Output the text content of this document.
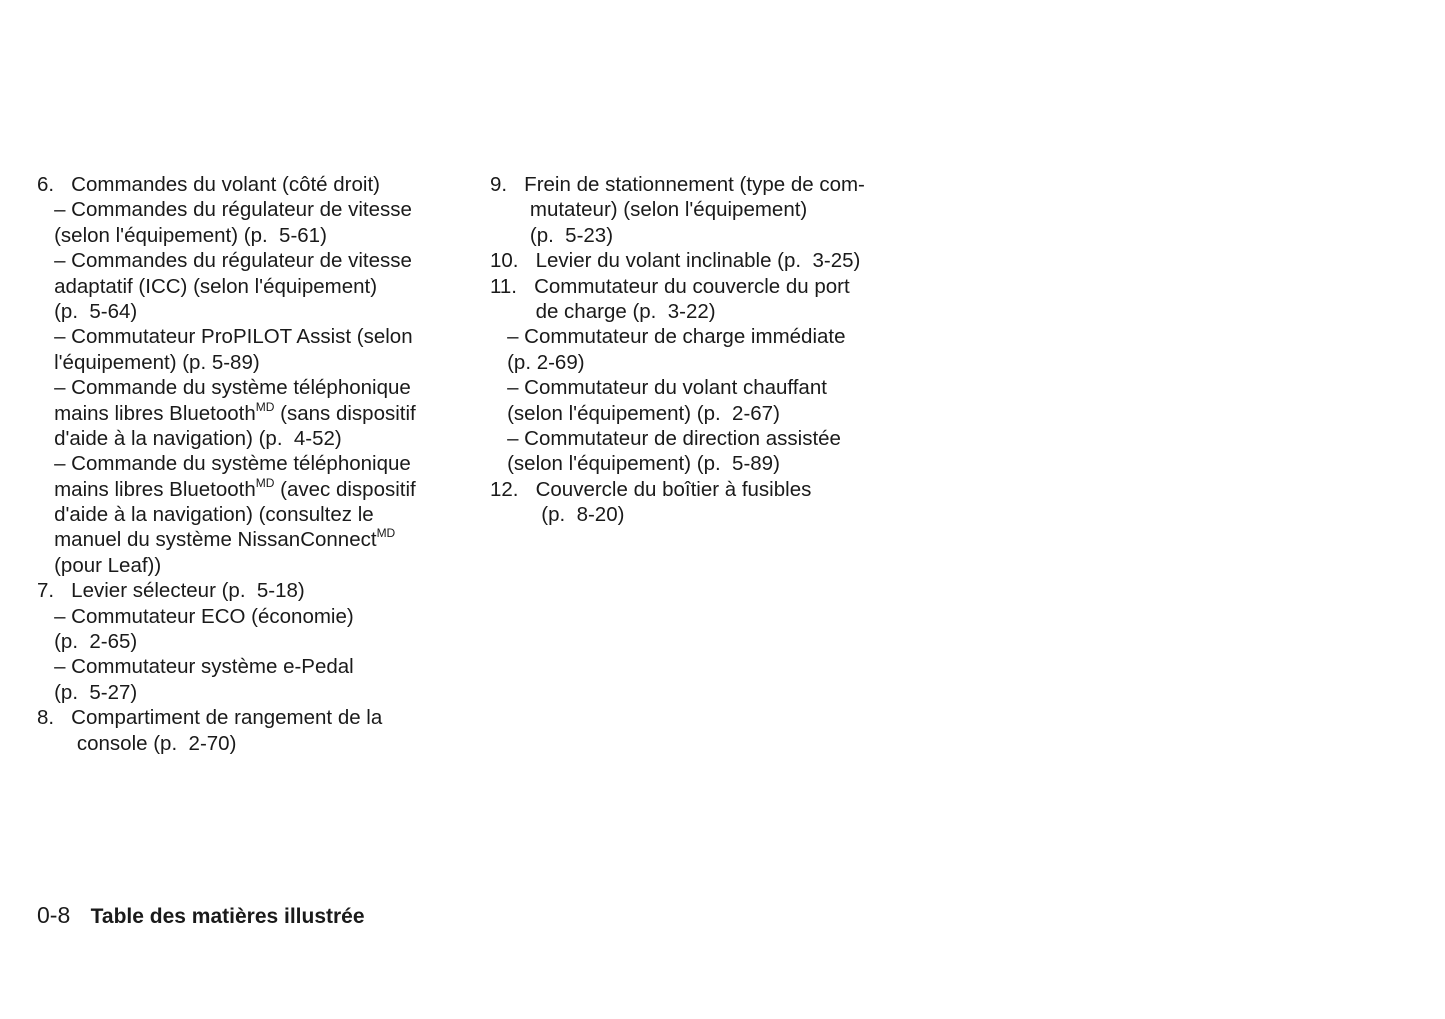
6.   Commandes du volant (côté droit)
– Commandes du régulateur de vitesse
(selon l'équipement) (p.  5-61)
– Commandes du régulateur de vitesse
adaptatif (ICC) (selon l'équipement)
(p.  5-64)
– Commutateur ProPILOT Assist (selon
l'équipement) (p. 5-89)
– Commande du système téléphonique
mains libres Bluetooth$^{MD}$ (sans dispositif
d'aide à la navigation) (p.  4-52)
– Commande du système téléphonique
mains libres Bluetooth$^{MD}$ (avec dispositif
d'aide à la navigation) (consultez le
manuel du système NissanConnect$^{MD}$
(pour Leaf))
7.   Levier sélecteur (p.  5-18)
– Commutateur ECO (économie)
(p.  2-65)
– Commutateur système e-Pedal
(p.  5-27)
8.   Compartiment de rangement de la
console (p.  2-70)
9.   Frein de stationnement (type de com-
mutateur) (selon l'équipement)
(p.  5-23)
10.   Levier du volant inclinable (p.  3-25)
11.   Commutateur du couvercle du port
de charge (p.  3-22)
– Commutateur de charge immédiate
(p. 2-69)
– Commutateur du volant chauffant
(selon l'équipement) (p.  2-67)
– Commutateur de direction assistée
(selon l'équipement) (p.  5-89)
12.   Couvercle du boîtier à fusibles
(p.  8-20)
0-8 Table des matières illustrée
